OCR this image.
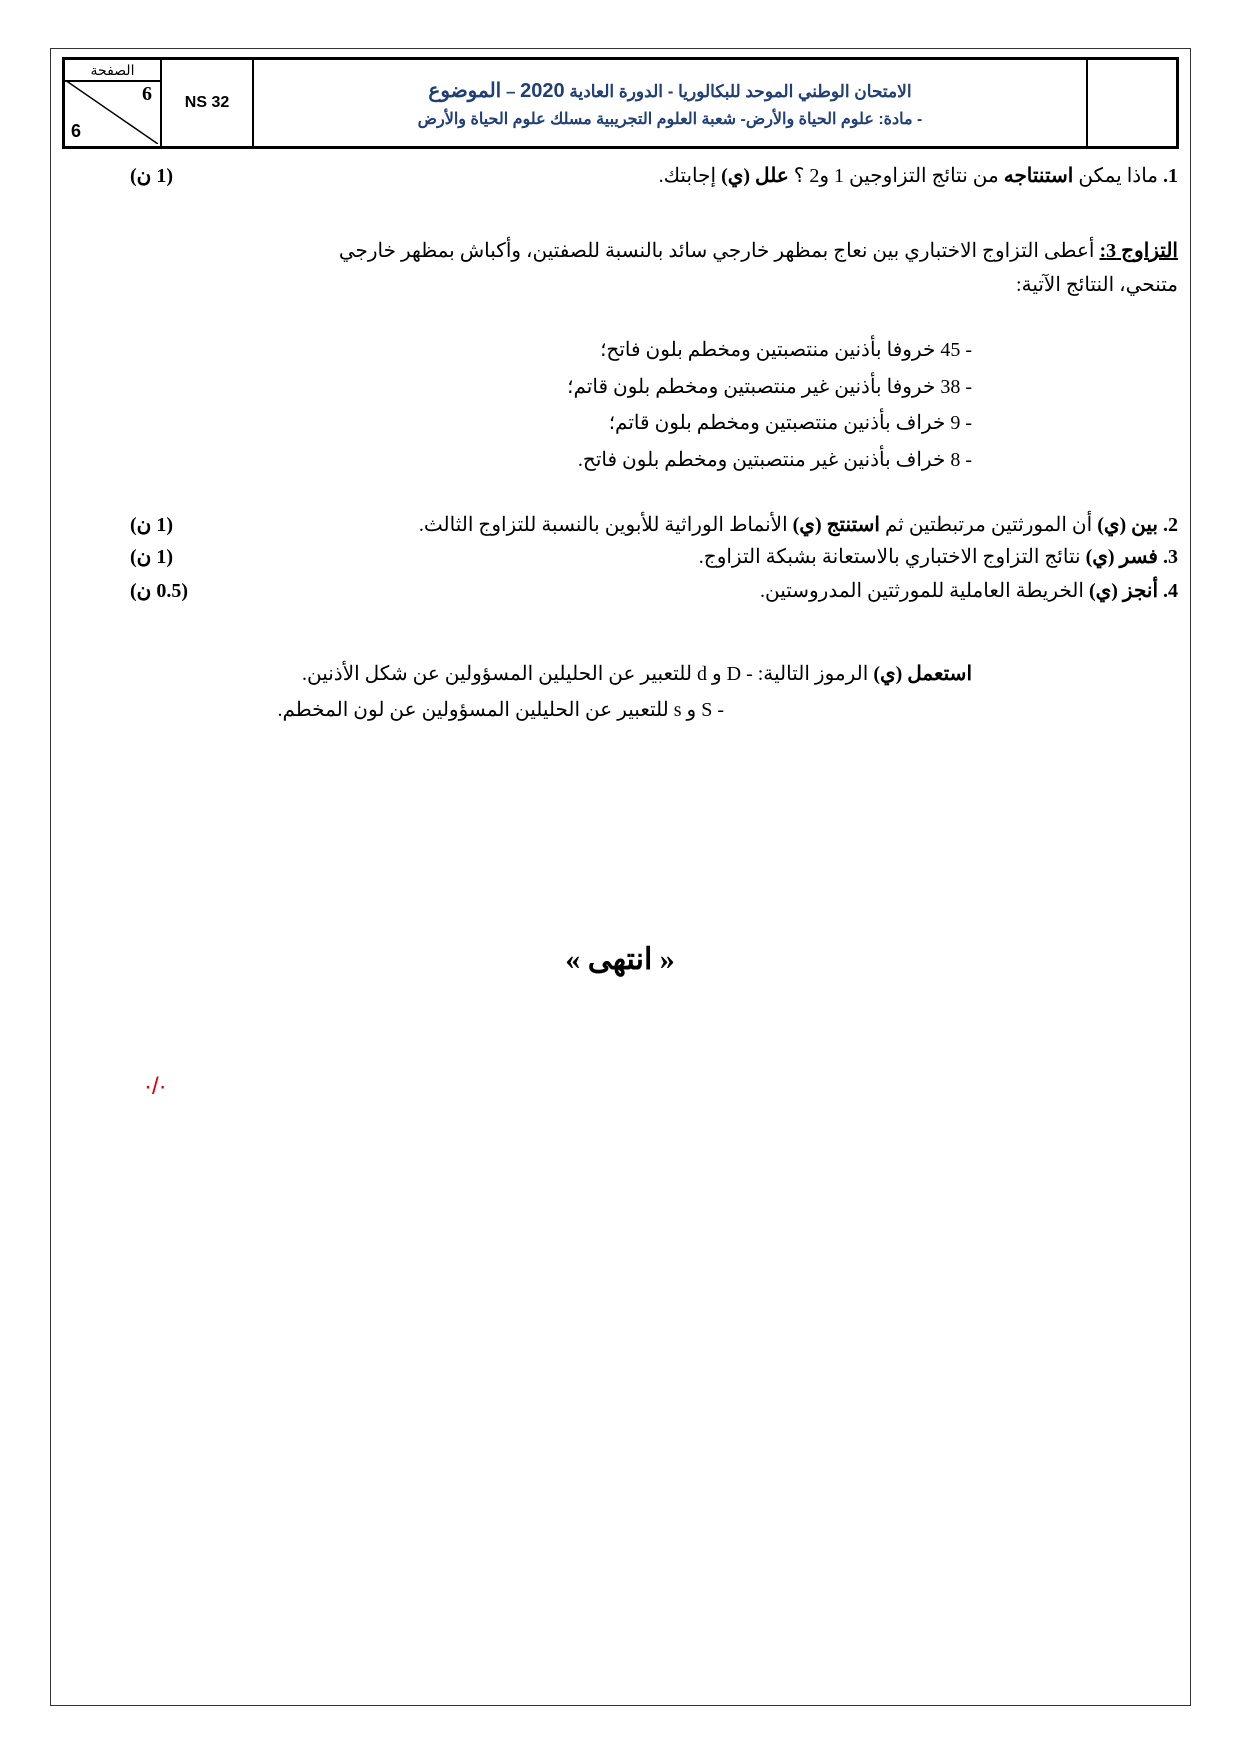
الصفحة
6
6
NS 32
الامتحان الوطني الموحد للبكالوريا - الدورة العادية 2020 – الموضوع
- مادة: علوم الحياة والأرض- شعبة العلوم التجريبية مسلك علوم الحياة والأرض
1. ماذا يمكن استنتاجه من نتائج التزاوجين 1 و2 ؟ علل (ي) إجابتك.
(1 ن)
التزاوج 3: أعطى التزاوج الاختباري بين نعاج بمظهر خارجي سائد بالنسبة للصفتين، وأكباش بمظهر خارجي
متنحي، النتائج الآتية:
- 45 خروفا بأذنين منتصبتين ومخطم بلون فاتح؛
- 38 خروفا بأذنين غير منتصبتين ومخطم بلون قاتم؛
- 9 خراف بأذنين منتصبتين ومخطم بلون قاتم؛
- 8 خراف بأذنين غير منتصبتين ومخطم بلون فاتح.
2. بين (ي) أن المورثتين مرتبطتين ثم استنتج (ي) الأنماط الوراثية للأبوين بالنسبة للتزاوج الثالث.
(1 ن)
3. فسر (ي) نتائج التزاوج الاختباري بالاستعانة بشبكة التزاوج.
(1 ن)
4. أنجز (ي) الخريطة العاملية للمورثتين المدروستين.
(0.5 ن)
استعمل (ي) الرموز التالية: - D و d للتعبير عن الحليلين المسؤولين عن شكل الأذنين.
- S و s للتعبير عن الحليلين المسؤولين عن لون المخطم.
« انتهى »
·/·
